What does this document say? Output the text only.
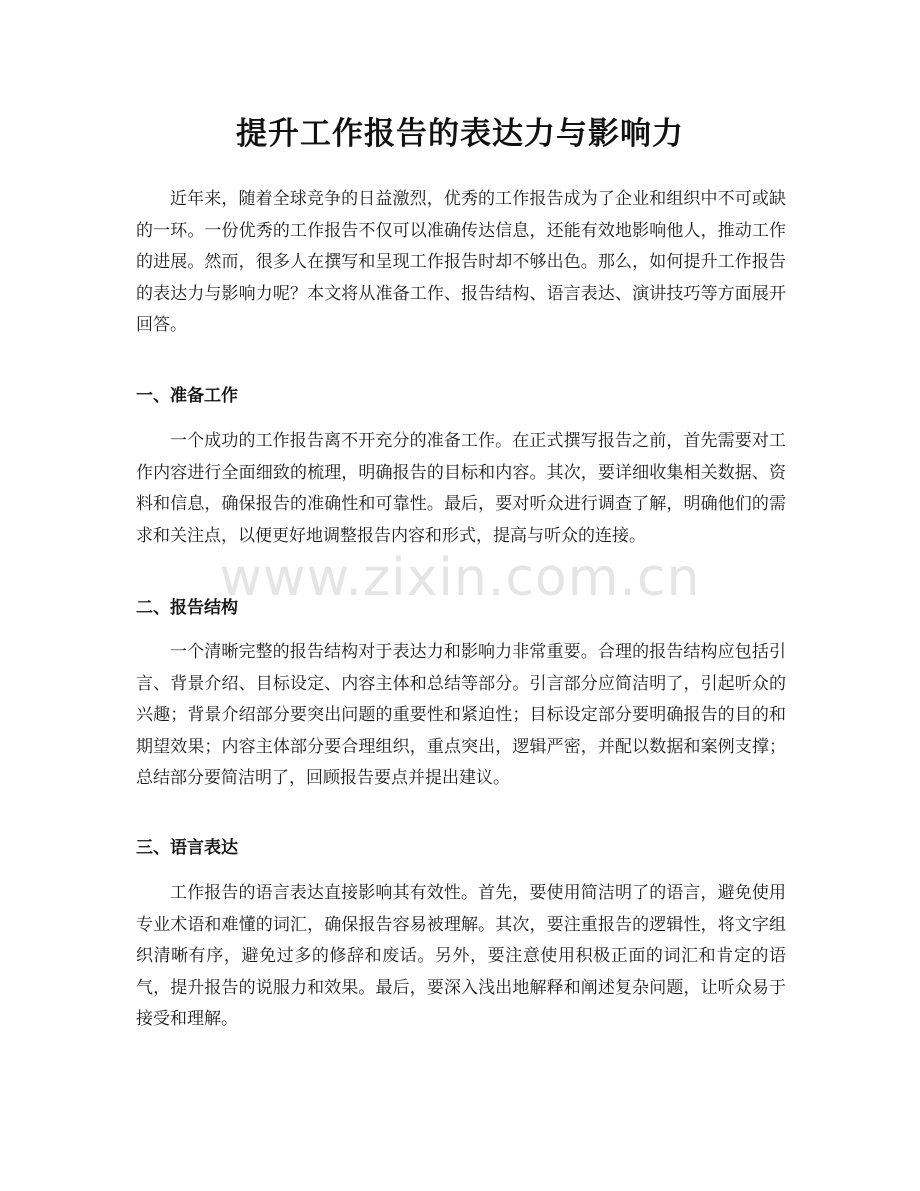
提升工作报告的表达力与影响力

近年来，随着全球竞争的日益激烈，优秀的工作报告成为了企业和组织中不可或缺的一环。一份优秀的工作报告不仅可以准确传达信息，还能有效地影响他人，推动工作的进展。然而，很多人在撰写和呈现工作报告时却不够出色。那么，如何提升工作报告的表达力与影响力呢？本文将从准备工作、报告结构、语言表达、演讲技巧等方面展开回答。

一、准备工作

一个成功的工作报告离不开充分的准备工作。在正式撰写报告之前，首先需要对工作内容进行全面细致的梳理，明确报告的目标和内容。其次，要详细收集相关数据、资料和信息，确保报告的准确性和可靠性。最后，要对听众进行调查了解，明确他们的需求和关注点，以便更好地调整报告内容和形式，提高与听众的连接。

二、报告结构

一个清晰完整的报告结构对于表达力和影响力非常重要。合理的报告结构应包括引言、背景介绍、目标设定、内容主体和总结等部分。引言部分应简洁明了，引起听众的兴趣；背景介绍部分要突出问题的重要性和紧迫性；目标设定部分要明确报告的目的和期望效果；内容主体部分要合理组织，重点突出，逻辑严密，并配以数据和案例支撑；总结部分要简洁明了，回顾报告要点并提出建议。

三、语言表达

工作报告的语言表达直接影响其有效性。首先，要使用简洁明了的语言，避免使用专业术语和难懂的词汇，确保报告容易被理解。其次，要注重报告的逻辑性，将文字组织清晰有序，避免过多的修辞和废话。另外，要注意使用积极正面的词汇和肯定的语气，提升报告的说服力和效果。最后，要深入浅出地解释和阐述复杂问题，让听众易于接受和理解。

www.zixin.com.cn
